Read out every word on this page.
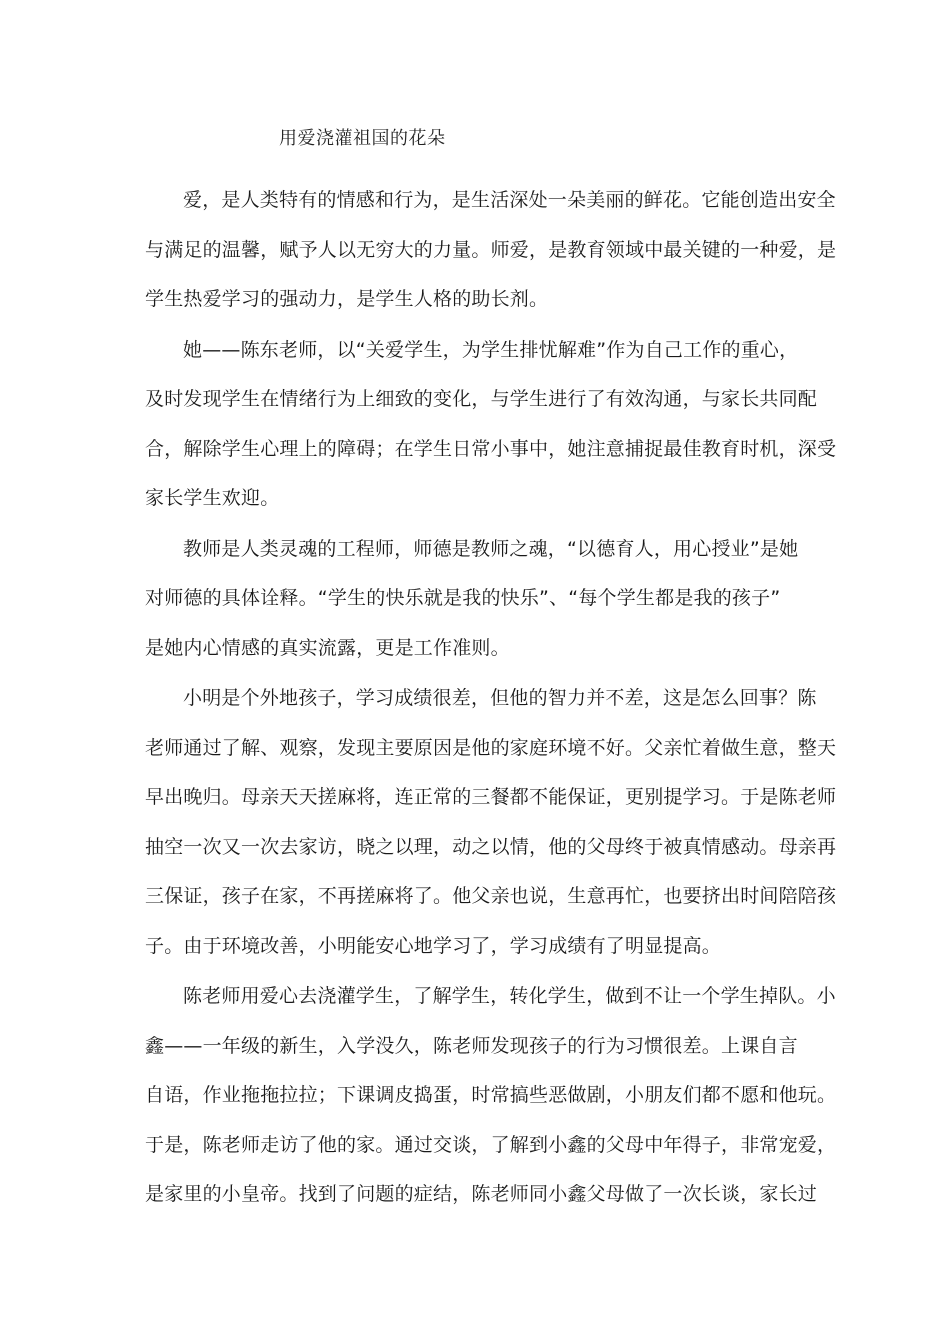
用爱浇灌祖国的花朵
爱，是人类特有的情感和行为，是生活深处一朵美丽的鲜花。它能创造出安全
与满足的温馨，赋予人以无穷大的力量。师爱，是教育领域中最关键的一种爱，是
学生热爱学习的强动力，是学生人格的助长剂。
她——陈东老师，以“关爱学生，为学生排忧解难”作为自己工作的重心，
及时发现学生在情绪行为上细致的变化，与学生进行了有效沟通，与家长共同配
合，解除学生心理上的障碍；在学生日常小事中，她注意捕捉最佳教育时机，深受
家长学生欢迎。
教师是人类灵魂的工程师，师德是教师之魂，“以德育人，用心授业”是她
对师德的具体诠释。“学生的快乐就是我的快乐”、“每个学生都是我的孩子”
是她内心情感的真实流露，更是工作准则。
小明是个外地孩子，学习成绩很差，但他的智力并不差，这是怎么回事？陈
老师通过了解、观察，发现主要原因是他的家庭环境不好。父亲忙着做生意，整天
早出晚归。母亲天天搓麻将，连正常的三餐都不能保证，更别提学习。于是陈老师
抽空一次又一次去家访，晓之以理，动之以情，他的父母终于被真情感动。母亲再
三保证，孩子在家，不再搓麻将了。他父亲也说，生意再忙，也要挤出时间陪陪孩
子。由于环境改善，小明能安心地学习了，学习成绩有了明显提高。
陈老师用爱心去浇灌学生，了解学生，转化学生，做到不让一个学生掉队。小
鑫——一年级的新生，入学没久，陈老师发现孩子的行为习惯很差。上课自言
自语，作业拖拖拉拉；下课调皮捣蛋，时常搞些恶做剧，小朋友们都不愿和他玩。
于是，陈老师走访了他的家。通过交谈，了解到小鑫的父母中年得子，非常宠爱，
是家里的小皇帝。找到了问题的症结，陈老师同小鑫父母做了一次长谈，家长过
